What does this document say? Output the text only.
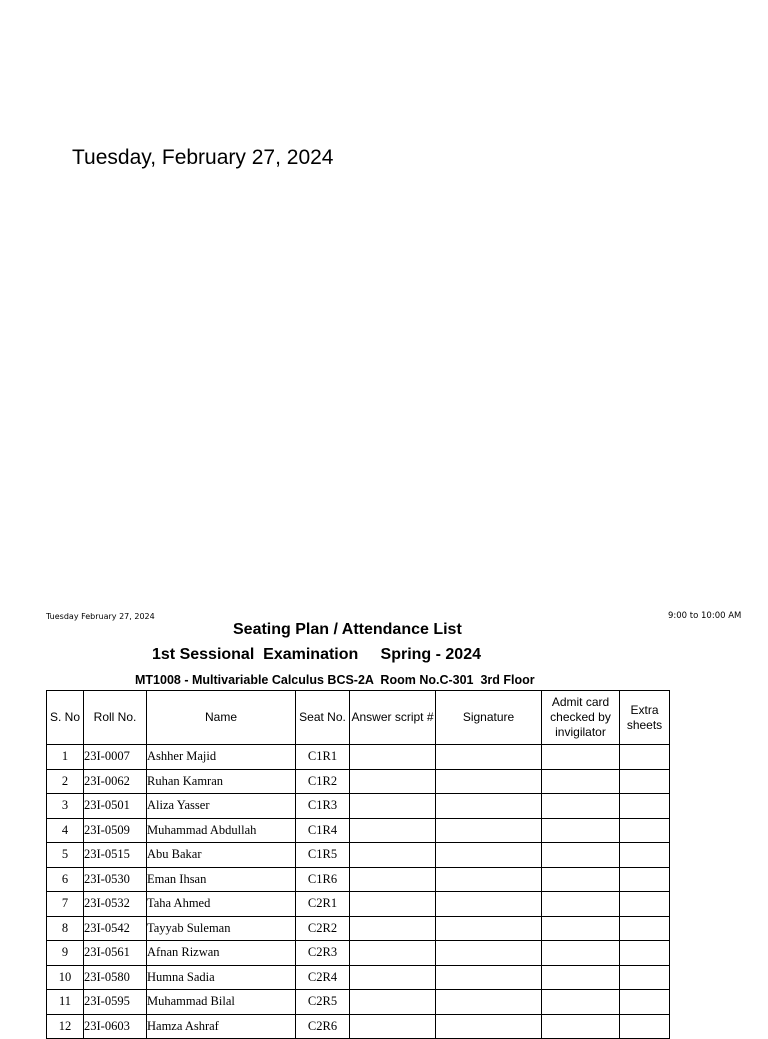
Tuesday, February 27, 2024
Tuesday February 27, 2024	9:00 to 10:00 AM
Seating Plan / Attendance List
1st Sessional  Examination     Spring - 2024
MT1008 - Multivariable Calculus BCS-2A  Room No.C-301  3rd Floor
S. No	Roll No.	Name	Seat No.	Answer script #	Signature	Admit card checked by invigilator	Extra sheets
1	23I-0007	Ashher Majid	C1R1				
2	23I-0062	Ruhan Kamran	C1R2				
3	23I-0501	Aliza Yasser	C1R3				
4	23I-0509	Muhammad Abdullah	C1R4				
5	23I-0515	Abu Bakar	C1R5				
6	23I-0530	Eman Ihsan	C1R6				
7	23I-0532	Taha Ahmed	C2R1				
8	23I-0542	Tayyab Suleman	C2R2				
9	23I-0561	Afnan Rizwan	C2R3				
10	23I-0580	Humna Sadia	C2R4				
11	23I-0595	Muhammad Bilal	C2R5				
12	23I-0603	Hamza Ashraf	C2R6				
